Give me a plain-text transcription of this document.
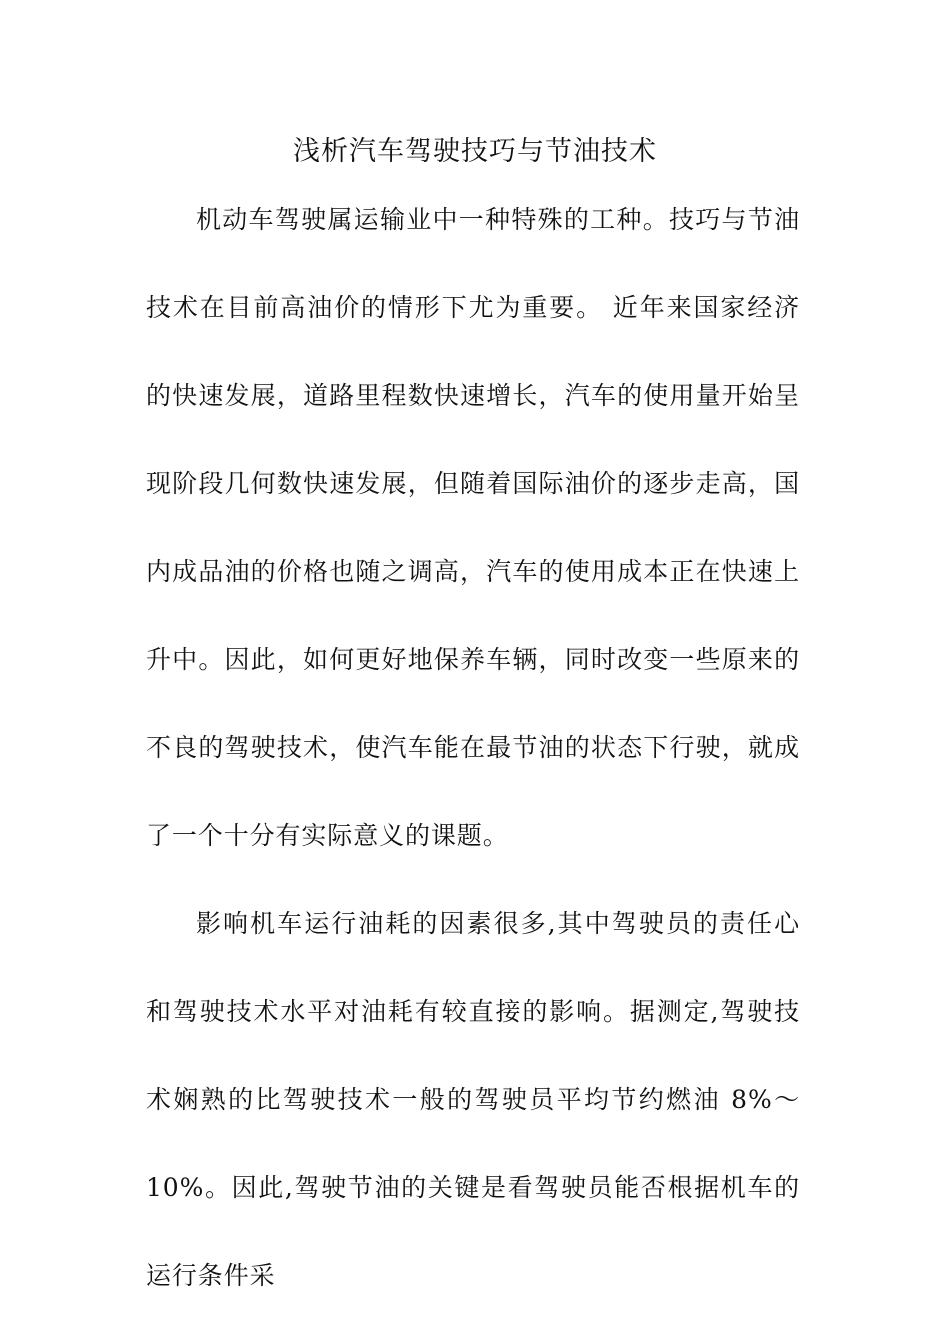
浅析汽车驾驶技巧与节油技术

机动车驾驶属运输业中一种特殊的工种。技巧与节油技术在目前高油价的情形下尤为重要。 近年来国家经济的快速发展，道路里程数快速增长，汽车的使用量开始呈现阶段几何数快速发展，但随着国际油价的逐步走高，国内成品油的价格也随之调高，汽车的使用成本正在快速上升中。因此，如何更好地保养车辆，同时改变一些原来的不良的驾驶技术，使汽车能在最节油的状态下行驶，就成了一个十分有实际意义的课题。

影响机车运行油耗的因素很多,其中驾驶员的责任心和驾驶技术水平对油耗有较直接的影响。据测定,驾驶技术娴熟的比驾驶技术一般的驾驶员平均节约燃油 8%～10%。因此,驾驶节油的关键是看驾驶员能否根据机车的运行条件采
